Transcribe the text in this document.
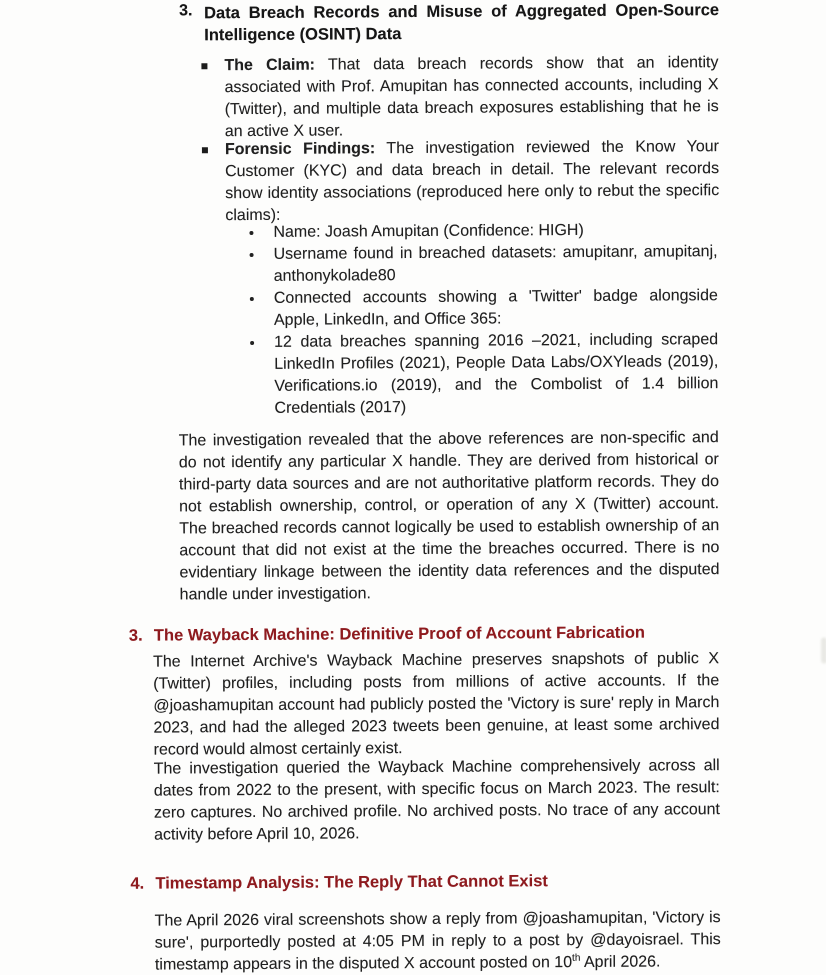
3. Data Breach Records and Misuse of Aggregated Open-Source Intelligence (OSINT) Data

The Claim: That data breach records show that an identity associated with Prof. Amupitan has connected accounts, including X (Twitter), and multiple data breach exposures establishing that he is an active X user.

Forensic Findings: The investigation reviewed the Know Your Customer (KYC) and data breach in detail. The relevant records show identity associations (reproduced here only to rebut the specific claims):

Name: Joash Amupitan (Confidence: HIGH)

Username found in breached datasets: amupitanr, amupitanj, anthonykolade80

Connected accounts showing a 'Twitter' badge alongside Apple, LinkedIn, and Office 365:

12 data breaches spanning 2016 –2021, including scraped LinkedIn Profiles (2021), People Data Labs/OXYleads (2019), Verifications.io (2019), and the Combolist of 1.4 billion Credentials (2017)

The investigation revealed that the above references are non-specific and do not identify any particular X handle. They are derived from historical or third-party data sources and are not authoritative platform records. They do not establish ownership, control, or operation of any X (Twitter) account. The breached records cannot logically be used to establish ownership of an account that did not exist at the time the breaches occurred. There is no evidentiary linkage between the identity data references and the disputed handle under investigation.

3. The Wayback Machine: Definitive Proof of Account Fabrication

The Internet Archive's Wayback Machine preserves snapshots of public X (Twitter) profiles, including posts from millions of active accounts. If the @joashamupitan account had publicly posted the 'Victory is sure' reply in March 2023, and had the alleged 2023 tweets been genuine, at least some archived record would almost certainly exist.

The investigation queried the Wayback Machine comprehensively across all dates from 2022 to the present, with specific focus on March 2023. The result: zero captures. No archived profile. No archived posts. No trace of any account activity before April 10, 2026.

4. Timestamp Analysis: The Reply That Cannot Exist

The April 2026 viral screenshots show a reply from @joashamupitan, 'Victory is sure', purportedly posted at 4:05 PM in reply to a post by @dayoisrael. This timestamp appears in the disputed X account posted on 10th April 2026.
